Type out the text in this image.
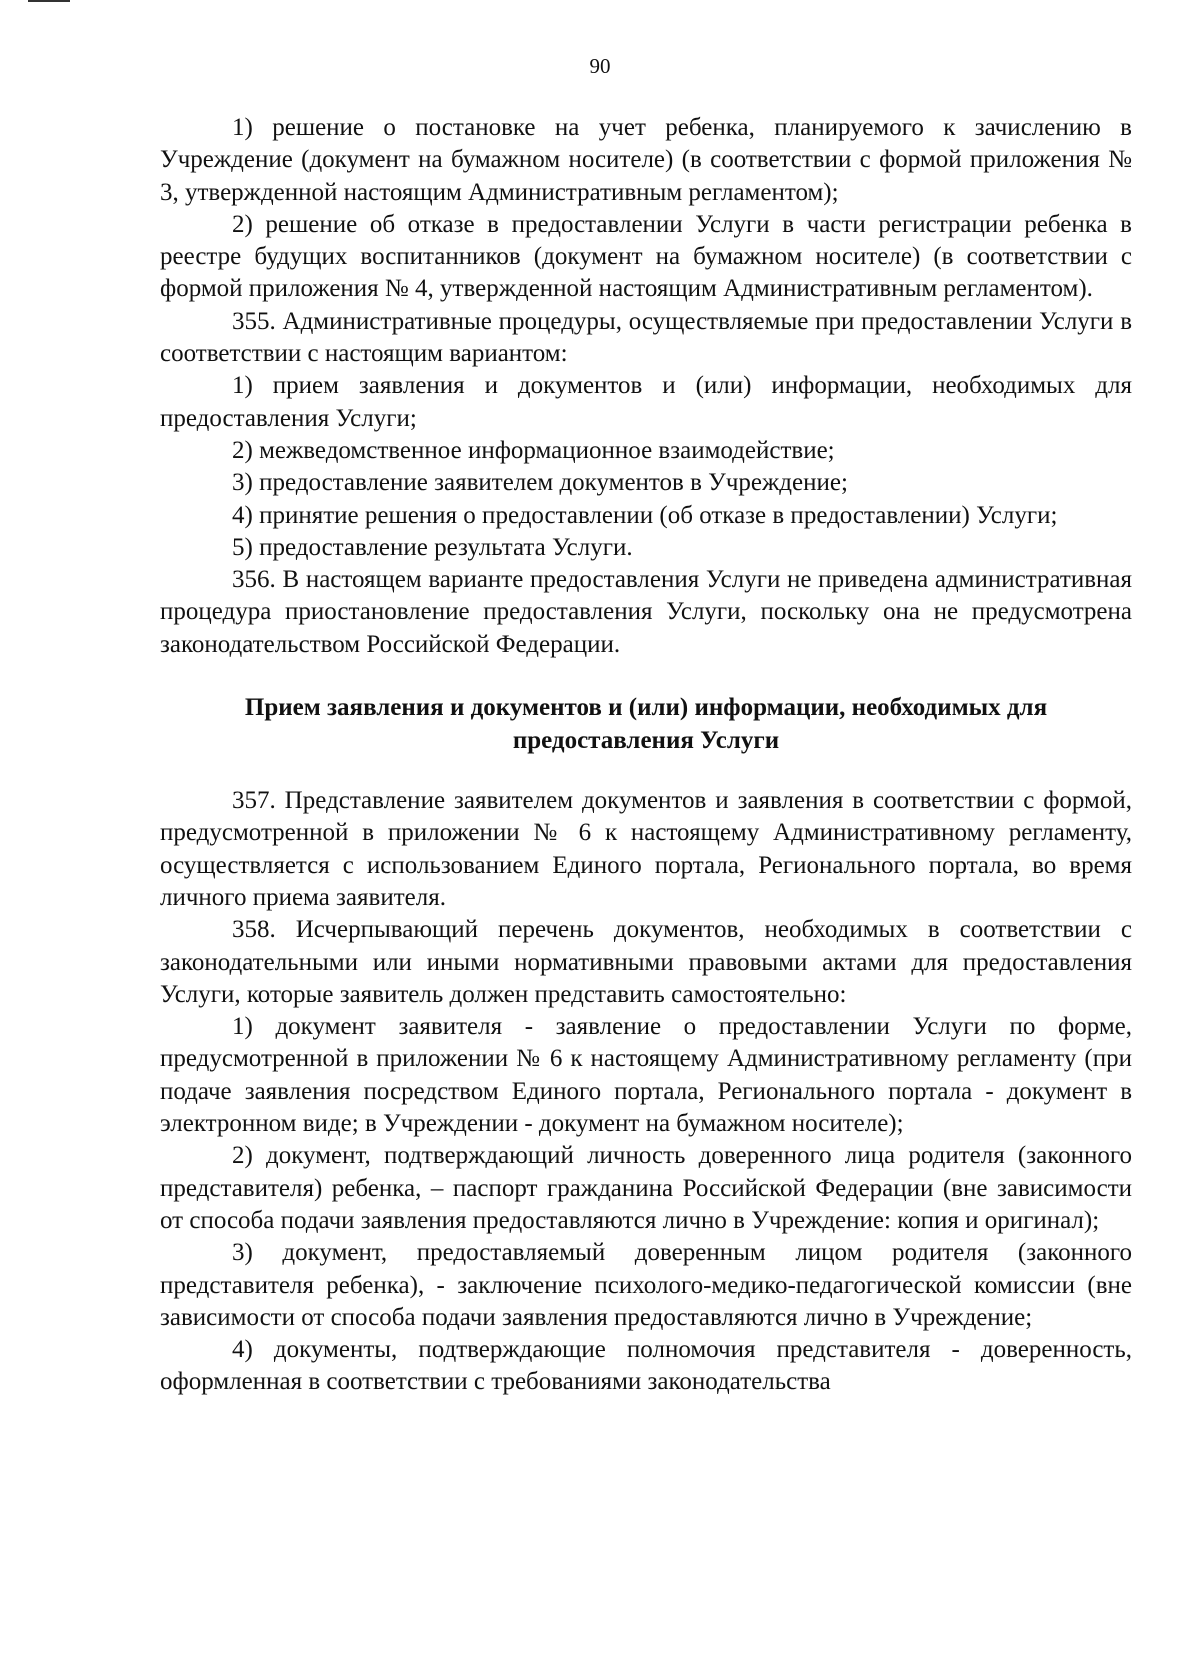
90

1) решение о постановке на учет ребенка, планируемого к зачислению в Учреждение (документ на бумажном носителе) (в соответствии с формой приложения № 3, утвержденной настоящим Административным регламентом);

2) решение об отказе в предоставлении Услуги в части регистрации ребенка в реестре будущих воспитанников (документ на бумажном носителе) (в соответствии с формой приложения № 4, утвержденной настоящим Административным регламентом).

355. Административные процедуры, осуществляемые при предоставлении Услуги в соответствии с настоящим вариантом:

1) прием заявления и документов и (или) информации, необходимых для предоставления Услуги;

2) межведомственное информационное взаимодействие;

3) предоставление заявителем документов в Учреждение;

4) принятие решения о предоставлении (об отказе в предоставлении) Услуги;

5) предоставление результата Услуги.

356. В настоящем варианте предоставления Услуги не приведена административная процедура приостановление предоставления Услуги, поскольку она не предусмотрена законодательством Российской Федерации.

Прием заявления и документов и (или) информации, необходимых для
предоставления Услуги

357. Представление заявителем документов и заявления в соответствии с формой, предусмотренной в приложении № 6 к настоящему Административному регламенту, осуществляется с использованием Единого портала, Регионального портала, во время личного приема заявителя.

358. Исчерпывающий перечень документов, необходимых в соответствии с законодательными или иными нормативными правовыми актами для предоставления Услуги, которые заявитель должен представить самостоятельно:

1) документ заявителя - заявление о предоставлении Услуги по форме, предусмотренной в приложении № 6 к настоящему Административному регламенту (при подаче заявления посредством Единого портала, Регионального портала - документ в электронном виде; в Учреждении - документ на бумажном носителе);

2) документ, подтверждающий личность доверенного лица родителя (законного представителя) ребенка, – паспорт гражданина Российской Федерации (вне зависимости от способа подачи заявления предоставляются лично в Учреждение: копия и оригинал);

3) документ, предоставляемый доверенным лицом родителя (законного представителя ребенка), - заключение психолого-медико-педагогической комиссии (вне зависимости от способа подачи заявления предоставляются лично в Учреждение;

4) документы, подтверждающие полномочия представителя - доверенность, оформленная в соответствии с требованиями законодательства
